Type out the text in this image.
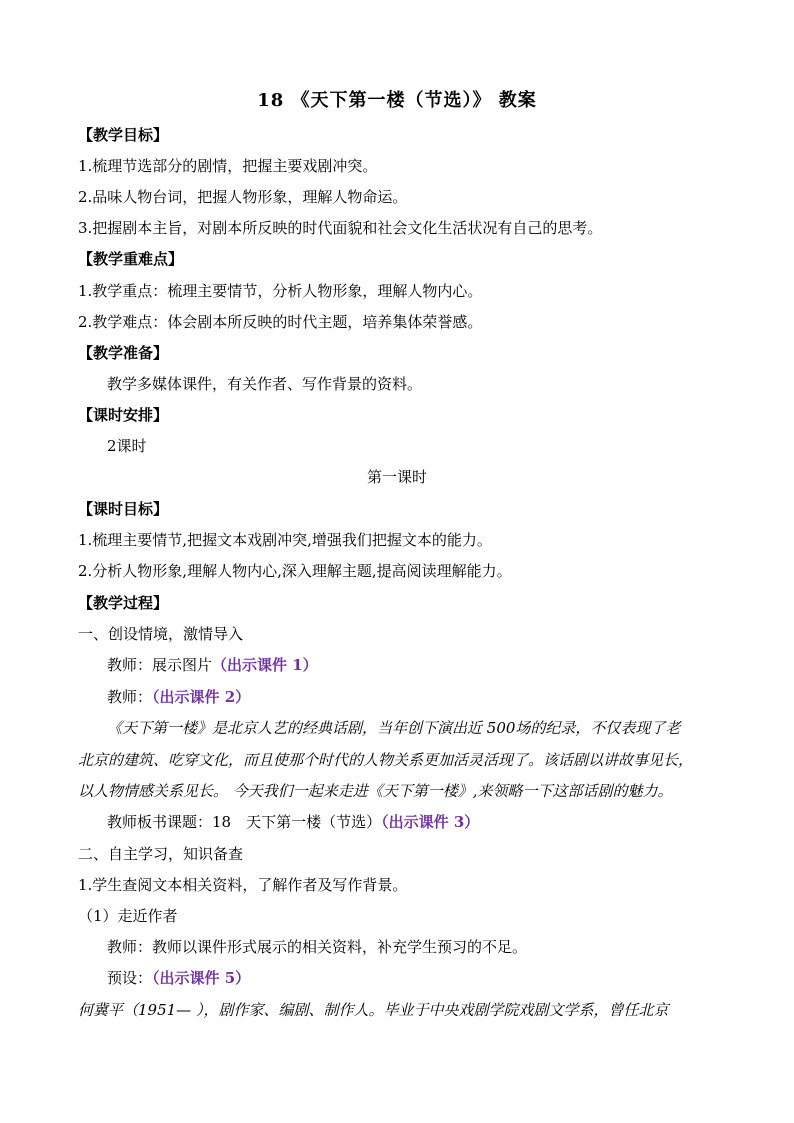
18 《天下第一楼（节选）》 教案
【教学目标】
1.梳理节选部分的剧情，把握主要戏剧冲突。
2.品味人物台词，把握人物形象，理解人物命运。
3.把握剧本主旨，对剧本所反映的时代面貌和社会文化生活状况有自己的思考。
【教学重难点】
1.教学重点：梳理主要情节，分析人物形象，理解人物内心。
2.教学难点：体会剧本所反映的时代主题，培养集体荣誉感。
【教学准备】
教学多媒体课件，有关作者、写作背景的资料。
【课时安排】
2课时
第一课时
【课时目标】
1.梳理主要情节,把握文本戏剧冲突,增强我们把握文本的能力。
2.分析人物形象,理解人物内心,深入理解主题,提高阅读理解能力。
【教学过程】
一、创设情境，激情导入
教师：展示图片（出示课件 1）
教师：（出示课件 2）
《天下第一楼》是北京人艺的经典话剧，当年创下演出近 500场的纪录，不仅表现了老
北京的建筑、吃穿文化，而且使那个时代的人物关系更加活灵活现了。该话剧以讲故事见长，
以人物情感关系见长。 今天我们一起来走进《天下第一楼》,来领略一下这部话剧的魅力。
教师板书课题：18　天下第一楼（节选）（出示课件 3）
二、自主学习，知识备查
1.学生查阅文本相关资料，了解作者及写作背景。
（1）走近作者
教师：教师以课件形式展示的相关资料，补充学生预习的不足。
预设：（出示课件 5）
何冀平（1951— ），剧作家、编剧、制作人。毕业于中央戏剧学院戏剧文学系，曾任北京
